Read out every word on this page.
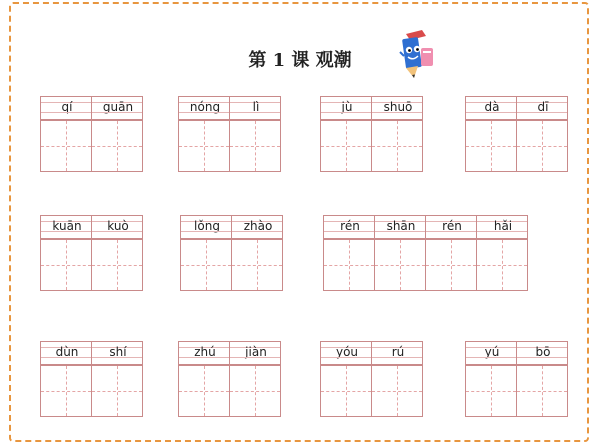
第 1 课 观潮
qí	guān	nóng	lì	jù	shuō	dà	dī
kuān	kuò	lǒng	zhào	rén	shān	rén	hǎi
dùn	shí	zhú	jiàn	yóu	rú	yú	bō
